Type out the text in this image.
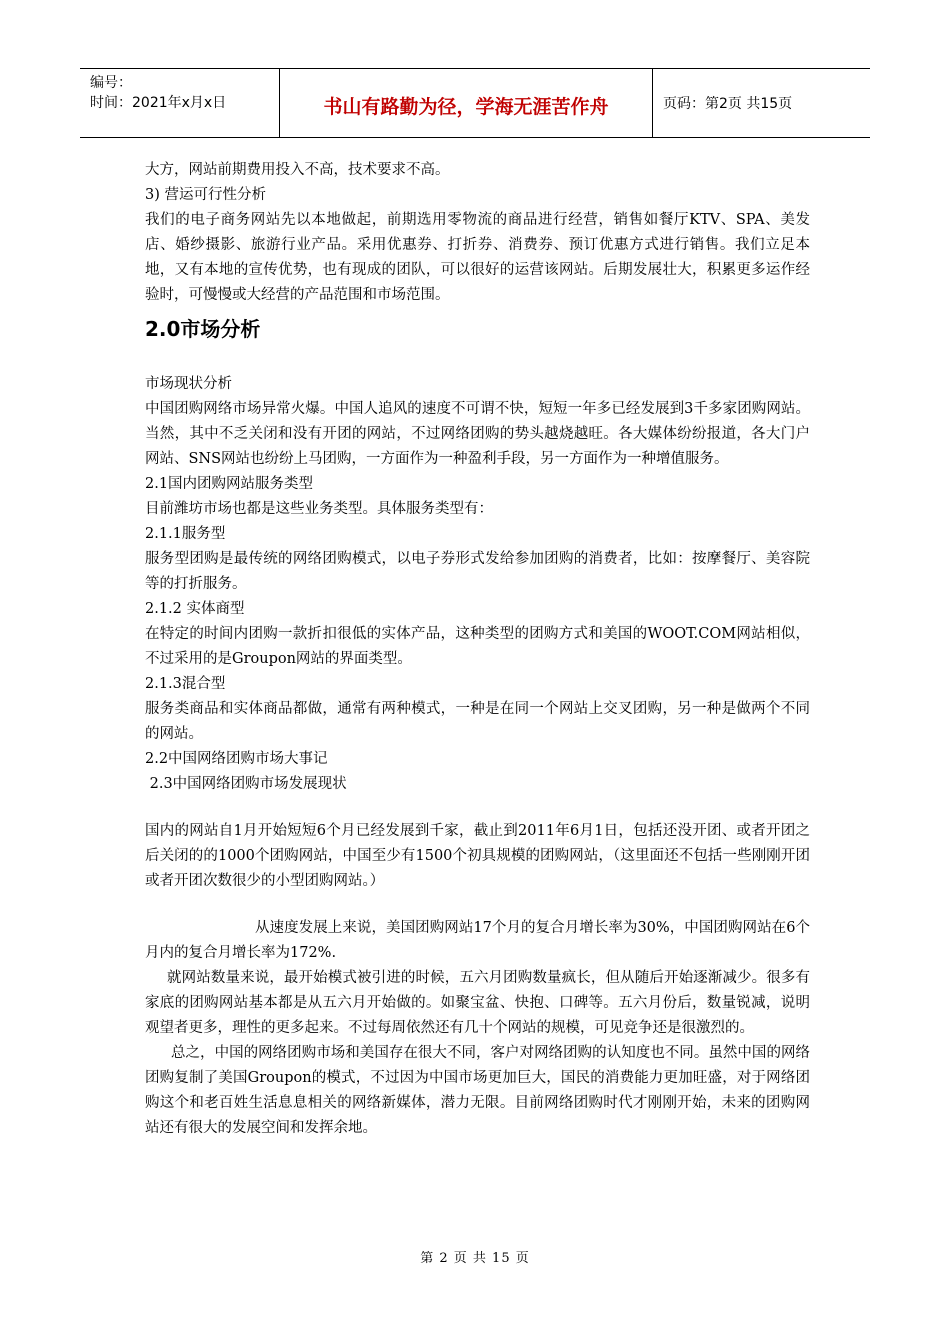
编号：
时间：2021年x月x日	书山有路勤为径，学海无涯苦作舟	页码：第2页 共15页

大方，网站前期费用投入不高，技术要求不高。

3) 营运可行性分析

我们的电子商务网站先以本地做起，前期选用零物流的商品进行经营，销售如餐厅KTV、SPA、美发店、婚纱摄影、旅游行业产品。采用优惠券、打折券、消费券、预订优惠方式进行销售。我们立足本地，又有本地的宣传优势，也有现成的团队，可以很好的运营该网站。后期发展壮大，积累更多运作经验时，可慢慢或大经营的产品范围和市场范围。

2.0市场分析

市场现状分析

中国团购网络市场异常火爆。中国人追风的速度不可谓不快，短短一年多已经发展到3千多家团购网站。当然，其中不乏关闭和没有开团的网站，不过网络团购的势头越烧越旺。各大媒体纷纷报道，各大门户网站、SNS网站也纷纷上马团购，一方面作为一种盈利手段，另一方面作为一种增值服务。

2.1国内团购网站服务类型

目前潍坊市场也都是这些业务类型。具体服务类型有：

2.1.1服务型

服务型团购是最传统的网络团购模式，以电子券形式发给参加团购的消费者，比如：按摩餐厅、美容院等的打折服务。

2.1.2 实体商型

在特定的时间内团购一款折扣很低的实体产品，这种类型的团购方式和美国的WOOT.COM网站相似，不过采用的是Groupon网站的界面类型。

2.1.3混合型

服务类商品和实体商品都做，通常有两种模式，一种是在同一个网站上交叉团购，另一种是做两个不同的网站。

2.2中国网络团购市场大事记

2.3中国网络团购市场发展现状

国内的网站自1月开始短短6个月已经发展到千家，截止到2011年6月1日，包括还没开团、或者开团之后关闭的的1000个团购网站，中国至少有1500个初具规模的团购网站，（这里面还不包括一些刚刚开团或者开团次数很少的小型团购网站。）

从速度发展上来说，美国团购网站17个月的复合月增长率为30%，中国团购网站在6个月内的复合月增长率为172%.

就网站数量来说，最开始模式被引进的时候，五六月团购数量疯长，但从随后开始逐渐减少。很多有家底的团购网站基本都是从五六月开始做的。如聚宝盆、快抱、口碑等。五六月份后，数量锐减，说明观望者更多，理性的更多起来。不过每周依然还有几十个网站的规模，可见竞争还是很激烈的。

总之，中国的网络团购市场和美国存在很大不同，客户对网络团购的认知度也不同。虽然中国的网络团购复制了美国Groupon的模式，不过因为中国市场更加巨大，国民的消费能力更加旺盛，对于网络团购这个和老百姓生活息息相关的网络新媒体，潜力无限。目前网络团购时代才刚刚开始，未来的团购网站还有很大的发展空间和发挥余地。

第 2 页 共 15 页
